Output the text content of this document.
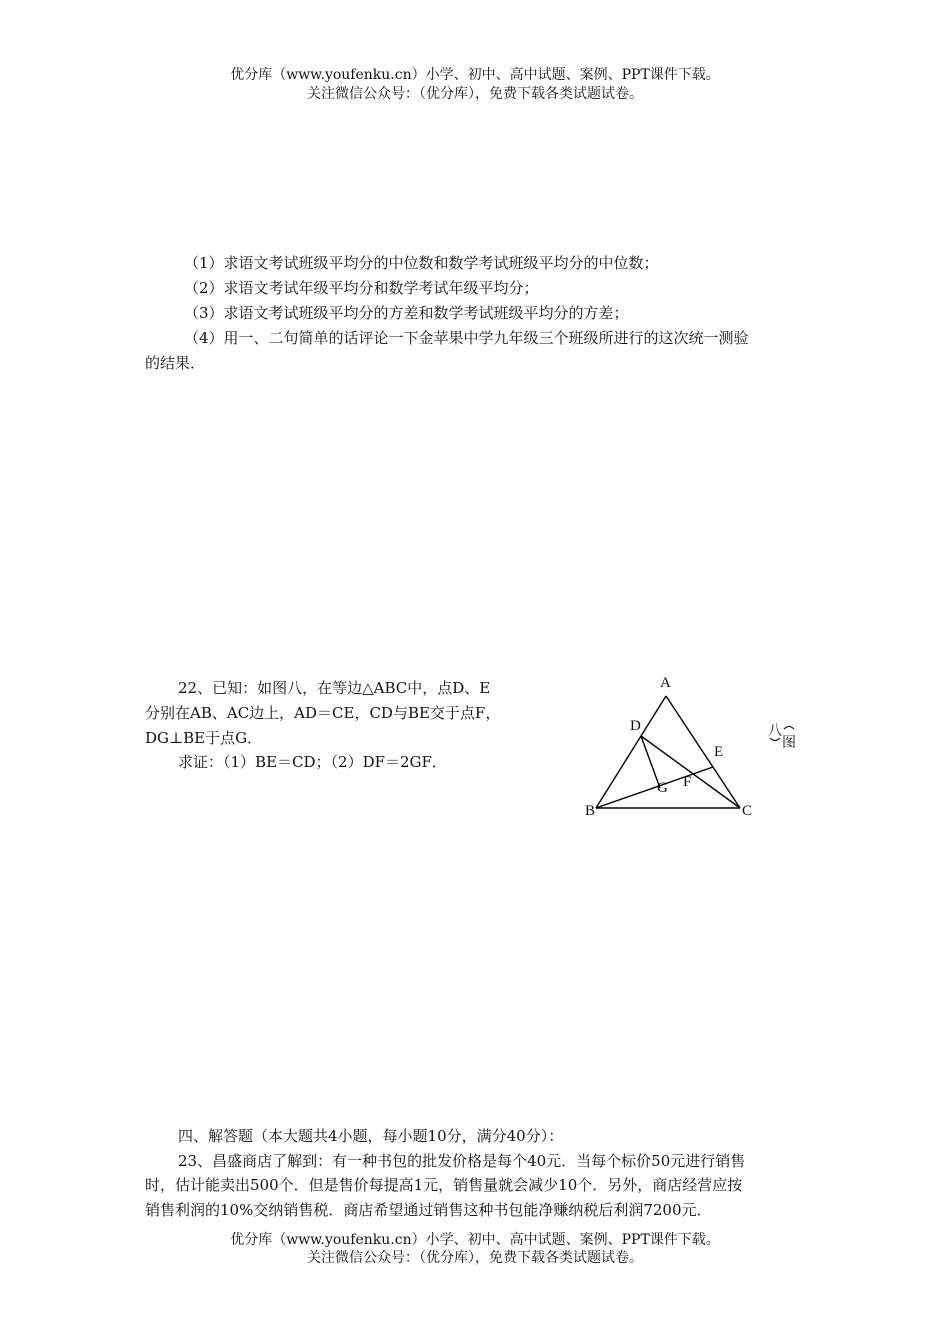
优分库（www.youfenku.cn）小学、初中、高中试题、案例、PPT课件下载。
关注微信公众号：（优分库），免费下载各类试题试卷。
（1）求语文考试班级平均分的中位数和数学考试班级平均分的中位数；
（2）求语文考试年级平均分和数学考试年级平均分；
（3）求语文考试班级平均分的方差和数学考试班级平均分的方差；
（4）用一、二句简单的话评论一下金苹果中学九年级三个班级所进行的这次统一测验
的结果．
22、已知：如图八，在等边△ABC中，点D、E
分别在AB、AC边上，AD＝CE，CD与BE交于点F，
DG⊥BE于点G．
求证：（1）BE＝CD；（2）DF＝2GF．
A
D
E
F
G
B	C
八
图
四、解答题（本大题共4小题，每小题10分，满分40分）：
23、昌盛商店了解到：有一种书包的批发价格是每个40元．当每个标价50元进行销售
时，估计能卖出500个．但是售价每提高1元，销售量就会减少10个．另外，商店经营应按
销售利润的10%交纳销售税．商店希望通过销售这种书包能净赚纳税后利润7200元．
优分库（www.youfenku.cn）小学、初中、高中试题、案例、PPT课件下载。
关注微信公众号：（优分库），免费下载各类试题试卷。
